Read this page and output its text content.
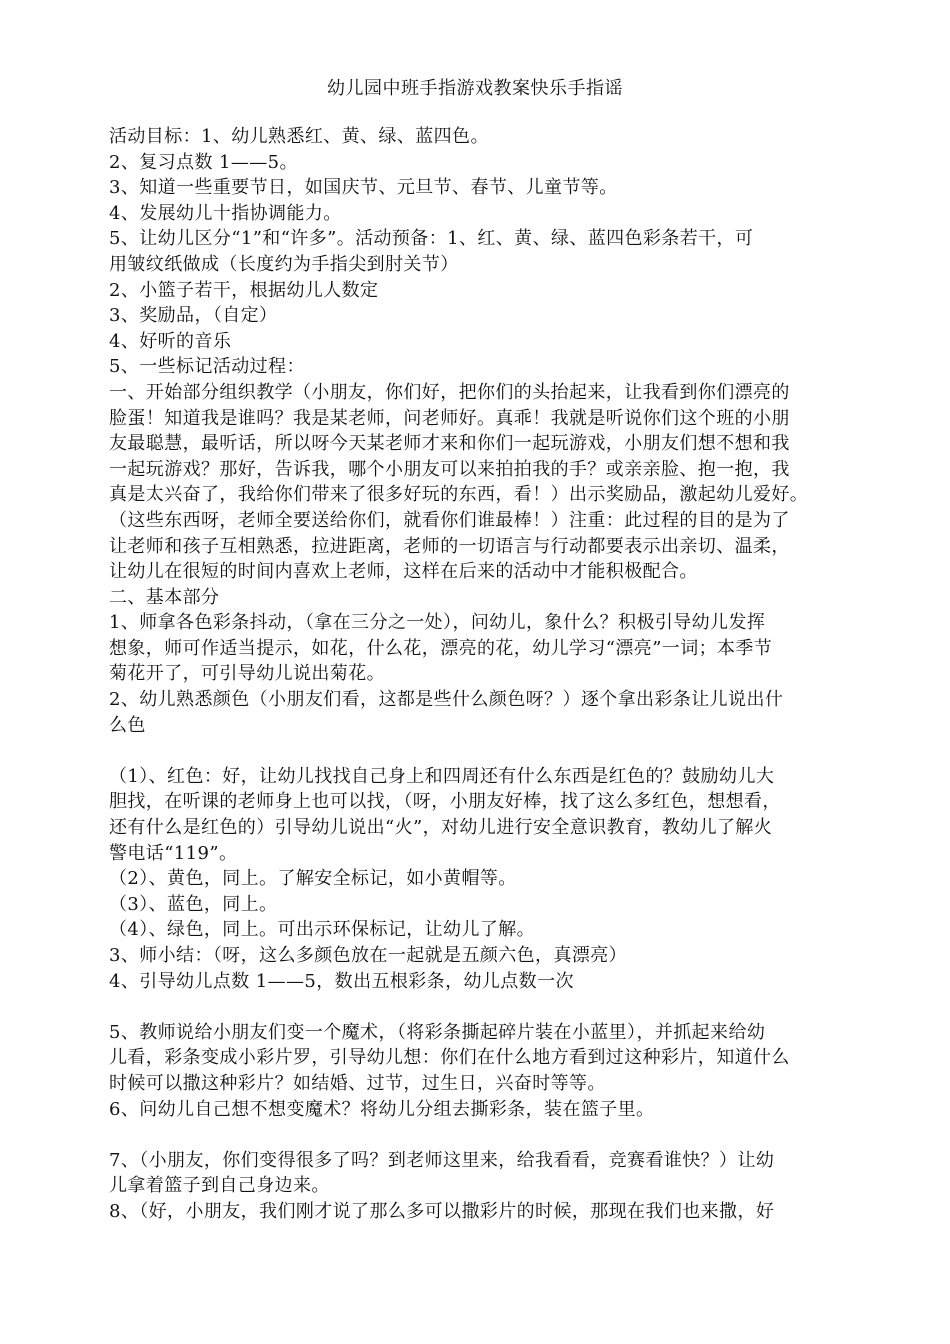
幼儿园中班手指游戏教案快乐手指谣
活动目标：1、幼儿熟悉红、黄、绿、蓝四色。
2、复习点数 1——5。
3、知道一些重要节日，如国庆节、元旦节、春节、儿童节等。
4、发展幼儿十指协调能力。
5、让幼儿区分“1”和“许多”。活动预备：1、红、黄、绿、蓝四色彩条若干，可
用皱纹纸做成（长度约为手指尖到肘关节）
2、小篮子若干，根据幼儿人数定
3、奖励品，（自定）
4、好听的音乐
5、一些标记活动过程：
一、开始部分组织教学（小朋友，你们好，把你们的头抬起来，让我看到你们漂亮的
脸蛋！知道我是谁吗？我是某老师，问老师好。真乖！我就是听说你们这个班的小朋
友最聪慧，最听话，所以呀今天某老师才来和你们一起玩游戏，小朋友们想不想和我
一起玩游戏？那好，告诉我，哪个小朋友可以来拍拍我的手？或亲亲脸、抱一抱，我
真是太兴奋了，我给你们带来了很多好玩的东西，看！）出示奖励品，激起幼儿爱好。
（这些东西呀，老师全要送给你们，就看你们谁最棒！）注重：此过程的目的是为了
让老师和孩子互相熟悉，拉进距离，老师的一切语言与行动都要表示出亲切、温柔，
让幼儿在很短的时间内喜欢上老师，这样在后来的活动中才能积极配合。
二、基本部分
1、师拿各色彩条抖动，（拿在三分之一处），问幼儿，象什么？积极引导幼儿发挥
想象，师可作适当提示，如花，什么花，漂亮的花，幼儿学习“漂亮”一词；本季节
菊花开了，可引导幼儿说出菊花。
2、幼儿熟悉颜色（小朋友们看，这都是些什么颜色呀？）逐个拿出彩条让儿说出什
么色
（1）、红色：好，让幼儿找找自己身上和四周还有什么东西是红色的？鼓励幼儿大
胆找，在听课的老师身上也可以找，（呀，小朋友好棒，找了这么多红色，想想看，
还有什么是红色的）引导幼儿说出“火”，对幼儿进行安全意识教育，教幼儿了解火
警电话“119”。
（2）、黄色，同上。了解安全标记，如小黄帽等。
（3）、蓝色，同上。
（4）、绿色，同上。可出示环保标记，让幼儿了解。
3、师小结：（呀，这么多颜色放在一起就是五颜六色，真漂亮）
4、引导幼儿点数 1——5，数出五根彩条，幼儿点数一次
5、教师说给小朋友们变一个魔术，（将彩条撕起碎片装在小蓝里），并抓起来给幼
儿看，彩条变成小彩片罗，引导幼儿想：你们在什么地方看到过这种彩片，知道什么
时候可以撒这种彩片？如结婚、过节，过生日，兴奋时等等。
6、问幼儿自己想不想变魔术？将幼儿分组去撕彩条，装在篮子里。
7、（小朋友，你们变得很多了吗？到老师这里来，给我看看，竞赛看谁快？）让幼
儿拿着篮子到自己身边来。
8、（好，小朋友，我们刚才说了那么多可以撒彩片的时候，那现在我们也来撒，好
